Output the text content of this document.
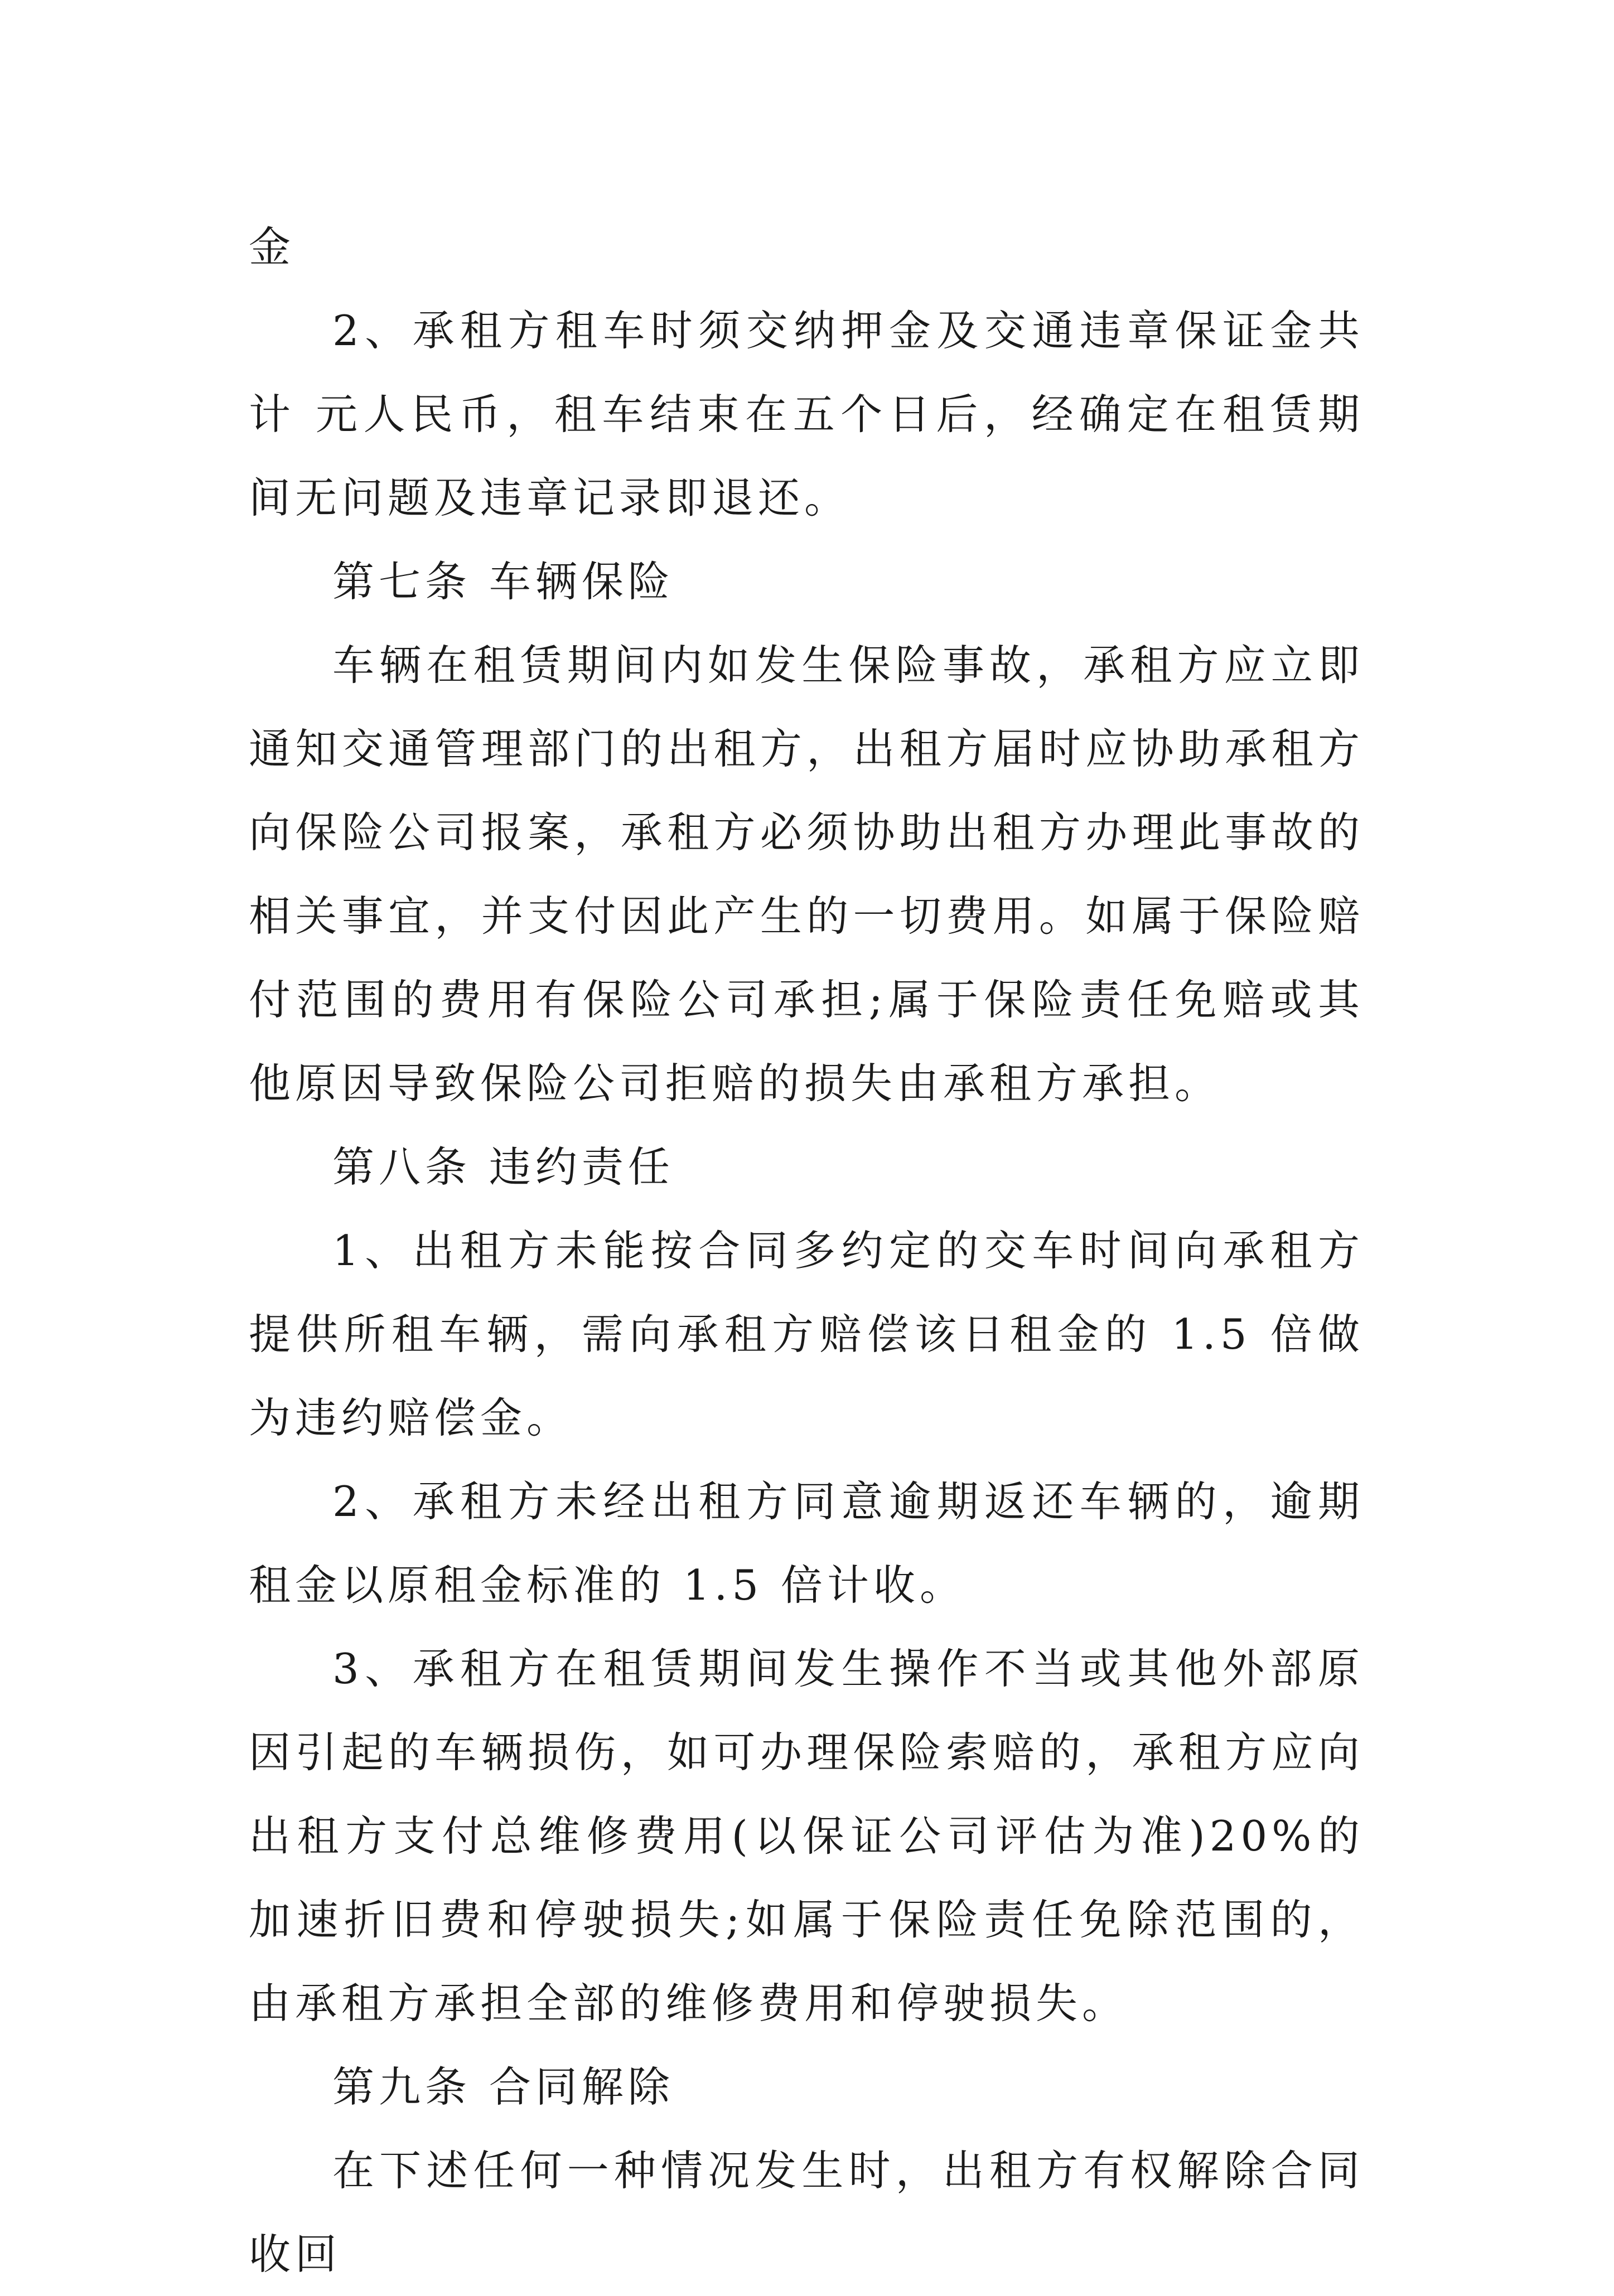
金

2、承租方租车时须交纳押金及交通违章保证金共计 元人民币，租车结束在五个日后，经确定在租赁期间无问题及违章记录即退还。

第七条 车辆保险

车辆在租赁期间内如发生保险事故，承租方应立即通知交通管理部门的出租方，出租方届时应协助承租方向保险公司报案，承租方必须协助出租方办理此事故的相关事宜，并支付因此产生的一切费用。如属于保险赔付范围的费用有保险公司承担;属于保险责任免赔或其他原因导致保险公司拒赔的损失由承租方承担。

第八条 违约责任

1、出租方未能按合同多约定的交车时间向承租方提供所租车辆，需向承租方赔偿该日租金的 1.5 倍做为违约赔偿金。

2、承租方未经出租方同意逾期返还车辆的，逾期租金以原租金标准的 1.5 倍计收。

3、承租方在租赁期间发生操作不当或其他外部原因引起的车辆损伤，如可办理保险索赔的，承租方应向出租方支付总维修费用(以保证公司评估为准)20%的加速折旧费和停驶损失;如属于保险责任免除范围的，由承租方承担全部的维修费用和停驶损失。

第九条 合同解除

在下述任何一种情况发生时，出租方有权解除合同收回
